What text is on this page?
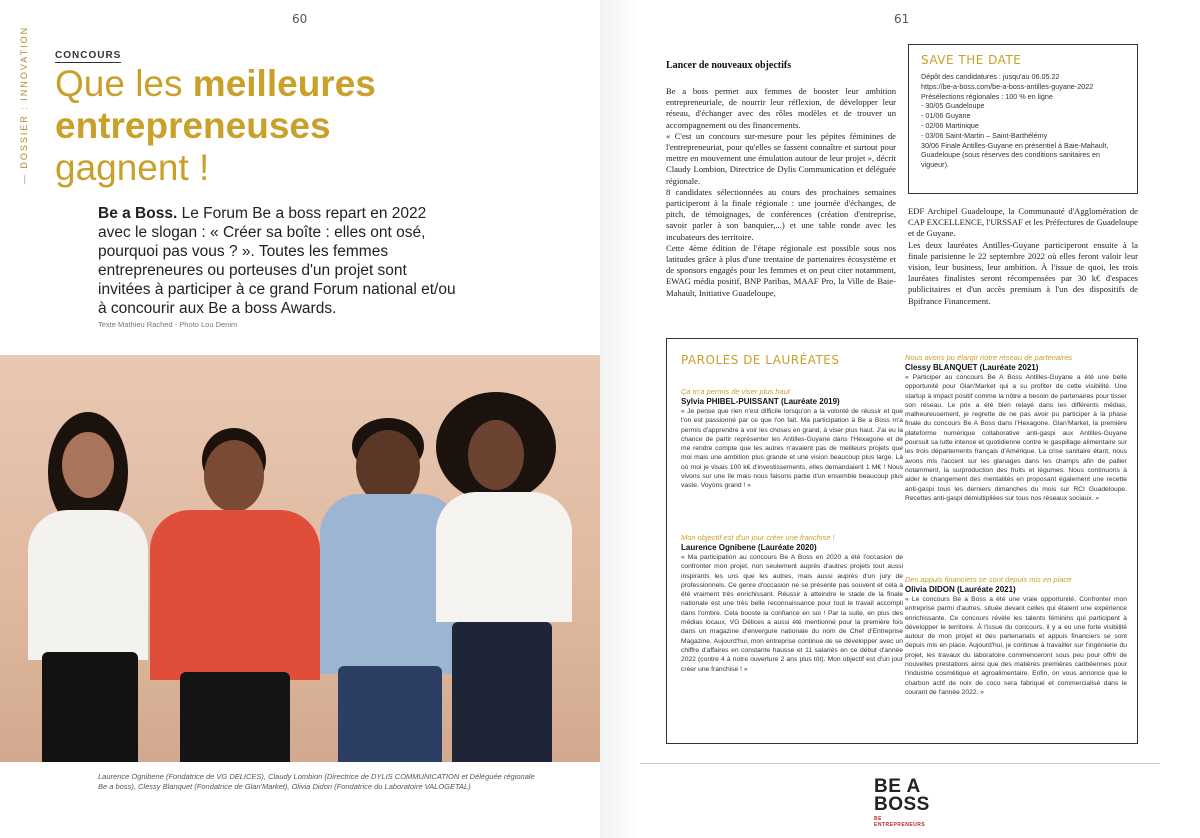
60	61
— DOSSIER : INNOVATION	CONCOURS
Que les meilleures
entrepreneuses
gagnent !
Be a Boss. Le Forum Be a boss repart en 2022 avec le slogan : « Créer sa boîte : elles ont osé, pourquoi pas vous ? ». Toutes les femmes entrepreneures ou porteuses d'un projet sont invitées à participer à ce grand Forum national et/ou à concourir aux Be a boss Awards.
Texte Mathieu Rached - Photo Lou Denim
Laurence Ognibene (Fondatrice de VG DELICES), Claudy Lombion (Directrice de DYLIS COMMUNICATION et Déléguée régionale Be a boss), Clessy Blanquet (Fondatrice de Glan'Market), Olivia Didon (Fondatrice du Laboratoire VALOGETAL)
Lancer de nouveaux objectifs

Be a boss permet aux femmes de booster leur ambition entrepreneuriale, de nourrir leur réflexion, de développer leur réseau, d'échanger avec des rôles modèles et de trouver un accompagnement ou des financements.

« C'est un concours sur-mesure pour les pépites féminines de l'entrepreneuriat, pour qu'elles se fassent connaître et surtout pour mettre en mouvement une émulation autour de leur projet », décrit Claudy Lombion, Directrice de Dylis Communication et déléguée régionale.

8 candidates sélectionnées au cours des prochaines semaines participeront à la finale régionale : une journée d'échanges, de pitch, de témoignages, de conférences (création d'entreprise, savoir parler à son banquier,...) et une table ronde avec les incubateurs des territoire.

Cette 4ème édition de l'étape régionale est possible sous nos latitudes grâce à plus d'une trentaine de partenaires écosystème et de sponsors engagés pour les femmes et on peut citer notamment, EWAG média positif, BNP Paribas, MAAF Pro, la Ville de Baie-Mahault, Initiative Guadeloupe,

EDF Archipel Guadeloupe, la Communauté d'Agglomération de CAP EXCELLENCE, l'URSSAF et les Préfectures de Guadeloupe et de Guyane.

Les deux lauréates Antilles-Guyane participeront ensuite à la finale parisienne le 22 septembre 2022 où elles feront valoir leur vision, leur business, leur ambition. À l'issue de quoi, les trois lauréates finalistes seront récompensées par 30 k€ d'espaces publicitaires et d'un accès premium à l'un des dispositifs de Bpifrance Financement.

SAVE THE DATE
Dépôt des candidatures : jusqu'au 06.05.22
https://be-a-boss.com/be-a-boss-antilles-guyane-2022
Présélections régionales : 100 % en ligne
- 30/05 Guadeloupe
- 01/06 Guyane
- 02/06 Martinique
- 03/06 Saint-Martin – Saint-Barthélémy
30/06 Finale Antilles-Guyane en présentiel à Baie-Mahault, Guadeloupe (sous réserves des conditions sanitaires en vigueur).
PAROLES DE LAURÉATES
Ça m'a permis de viser plus haut
Sylvia PHIBEL-PUISSANT (Lauréate 2019)
« Je pense que rien n'est difficile lorsqu'on a la volonté de réussir et que l'on est passionné par ce que l'on fait. Ma participation à Be a Boss m'a permis d'apprendre à voir les choses en grand, à viser plus haut. J'ai eu la chance de partir représenter les Antilles-Guyane dans l'Hexagone et de me rendre compte que les autres n'avaient pas de meilleurs projets que moi mais une ambition plus grande et une vision beaucoup plus large. Là où moi je visais 100 k€ d'investissements, elles demandaient 1 M€ ! Nous vivons sur une île mais nous faisons partie d'un ensemble beaucoup plus vaste. Voyons grand ! »
Mon objectif est d'un jour créer une franchise !
Laurence Ognibene (Lauréate 2020)
« Ma participation au concours Be A Boss en 2020 a été l'occasion de confronter mon projet, non seulement auprès d'autres projets tout aussi inspirants les uns que les autres, mais aussi auprès d'un jury de professionnels. Ce genre d'occasion ne se présente pas souvent et cela a été vraiment très enrichissant. Réussir à atteindre le stade de la finale nationale est une très belle reconnaissance pour tout le travail accompli dans l'ombre. Cela booste la confiance en soi ! Par la suite, en plus des médias locaux, VG Délices a aussi été mentionné pour la première fois dans un magazine d'envergure nationale du nom de Chef d'Entreprise Magazine. Aujourd'hui, mon entreprise continue de se développer avec un chiffre d'affaires en constante hausse et 11 salariés en ce début d'année 2022 (contre 4 à notre ouverture 2 ans plus tôt). Mon objectif est d'un jour créer une franchise ! »
Nous avons pu élargir notre réseau de partenaires
Clessy BLANQUET (Lauréate 2021)
« Participer au concours Be A Boss Antilles-Guyane a été une belle opportunité pour Glan'Market qui a su profiter de cette visibilité. Une startup à impact positif comme la nôtre a besoin de partenaires pour tisser son réseau. Le prix a été bien relayé dans les différents médias, malheureusement, je regrette de ne pas avoir pu participer à la phase finale du concours Be A Boss dans l'Hexagone. Glan'Market, la première plateforme numérique collaborative anti-gaspi aux Antilles-Guyane poursuit sa lutte intense et quotidienne contre le gaspillage alimentaire sur les trois départements français d'Amérique. La crise sanitaire étant, nous avons mis l'accent sur les glanages dans les champs afin de pallier notamment, la surproduction des fruits et légumes. Nous continuons à aider le changement des mentalités en proposant également une recette anti-gaspi tous les derniers dimanches du mois sur RCI Guadeloupe. Recettes anti-gaspi démultipliées sur tous nos réseaux sociaux. »
Des appuis financiers se sont depuis mis en place
Olivia DIDON (Lauréate 2021)
« Le concours Be a Boss a été une vraie opportunité. Confronter mon entreprise parmi d'autres, située devant celles qui étaient une expérience enrichissante. Ce concours révèle les talents féminins qui participent à développer le territoire. À l'issue du concours, il y a eu une forte visibilité autour de mon projet et des partenariats et appuis financiers se sont depuis mis en place. Aujourd'hui, je continue à travailler sur l'ingénierie du projet, les travaux du laboratoire commenceront sous peu pour offrir de nouvelles prestations ainsi que des matières premières caribéennes pour l'industrie cosmétique et agroalimentaire. Enfin, on vous annonce que le charbon actif de noix de coco sera fabriqué et commercialisé dans le courant de l'année 2022. »
BE A
BOSS
BE ENTREPRENEURS
